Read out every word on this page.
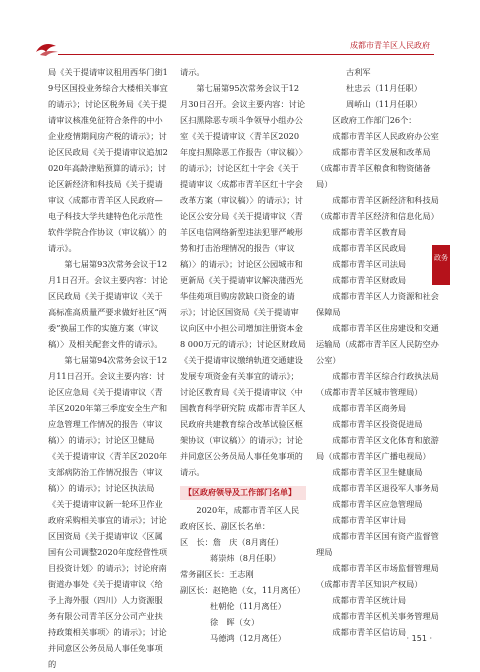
成都市青羊区人民政府

局《关于提请审议租用西华门街19号区国投业务综合大楼相关事宜的请示》；讨论区税务局《关于提请审议核准免征符合条件的中小企业疫情期间房产税的请示》；讨论区民政局《关于提请审议追加2020年高龄津贴预算的请示》；讨论区新经济和科技局《关于提请审议〈成都市青羊区人民政府—电子科技大学共建特色化示范性软件学院合作协议（审议稿）〉的请示》。

第七届第93次常务会议于12月1日召开。会议主要内容：讨论区民政局《关于提请审议〈关于高标准高质量严要求做好社区“两委”换届工作的实施方案（审议稿）〉及相关配套文件的请示》。

第七届第94次常务会议于12月11日召开。会议主要内容：讨论区应急局《关于提请审议〈青羊区2020年第三季度安全生产和应急管理工作情况的报告（审议稿）〉的请示》；讨论区卫健局《关于提请审议〈青羊区2020年支部病防治工作情况报告（审议稿）〉的请示》；讨论区执法局《关于提请审议新一轮环卫作业政府采购相关事宜的请示》；讨论区国资局《关于提请审议〈区属国有公司调整2020年度经营性项目投资计划〉的请示》；讨论府南街道办事处《关于提请审议〈给予上海外服（四川）人力资源服务有限公司青羊区分公司产业扶持政策相关事项〉的请示》；讨论并同意区公务员局人事任免事项的

请示。

第七届第95次常务会议于12月30日召开。会议主要内容：讨论区扫黑除恶专项斗争领导小组办公室《关于提请审议〈青羊区2020年度扫黑除恶工作报告（审议稿）〉的请示》；讨论区红十字会《关于提请审议〈成都市青羊区红十字会改革方案（审议稿）〉的请示》；讨论区公安分局《关于提请审议〈青羊区电信网络新型违法犯罪严峻形势和打击治理情况的报告（审议稿）〉的请示》；讨论区公园城市和更新局《关于提请审议解决蒲西光华佳苑项目购房款缺口资金的请示》；讨论区国资局《关于提请审议向区中小担公司增加注册资本金8 000万元的请示》；讨论区财政局《关于提请审议缴纳轨道交通建设发展专项资金有关事宜的请示》；讨论区教育局《关于提请审议〈中国教育科学研究院 成都市青羊区人民政府共建教育综合改革试验区框架协议（审议稿）〉的请示》；讨论并同意区公务员局人事任免事项的请示。

【区政府领导及工作部门名单】

2020年，成都市青羊区人民政府区长、副区长名单：

区　长：詹　庆（8月离任）

蒋崇炜（8月任职）

常务副区长：王志刚

副区长：赵艳艳（女，11月离任）

杜朝伦（11月离任）

徐　晖（女）

马德鸿（12月离任）

古利军

杜忠云（11月任职）

周峤山（11月任职）

区政府工作部门26个：

成都市青羊区人民政府办公室

成都市青羊区发展和改革局（成都市青羊区粮食和物资储备局）

成都市青羊区新经济和科技局（成都市青羊区经济和信息化局）

成都市青羊区教育局

成都市青羊区民政局

成都市青羊区司法局

成都市青羊区财政局

成都市青羊区人力资源和社会保障局

成都市青羊区住房建设和交通运输局（成都市青羊区人民防空办公室）

成都市青羊区综合行政执法局（成都市青羊区城市管理局）

成都市青羊区商务局

成都市青羊区投资促进局

成都市青羊区文化体育和旅游局（成都市青羊区广播电视局）

成都市青羊区卫生健康局

成都市青羊区退役军人事务局

成都市青羊区应急管理局

成都市青羊区审计局

成都市青羊区国有资产监督管理局

成都市青羊区市场监督管理局（成都市青羊区知识产权局）

成都市青羊区统计局

成都市青羊区机关事务管理局

成都市青羊区信访局

政务
· 151 ·
